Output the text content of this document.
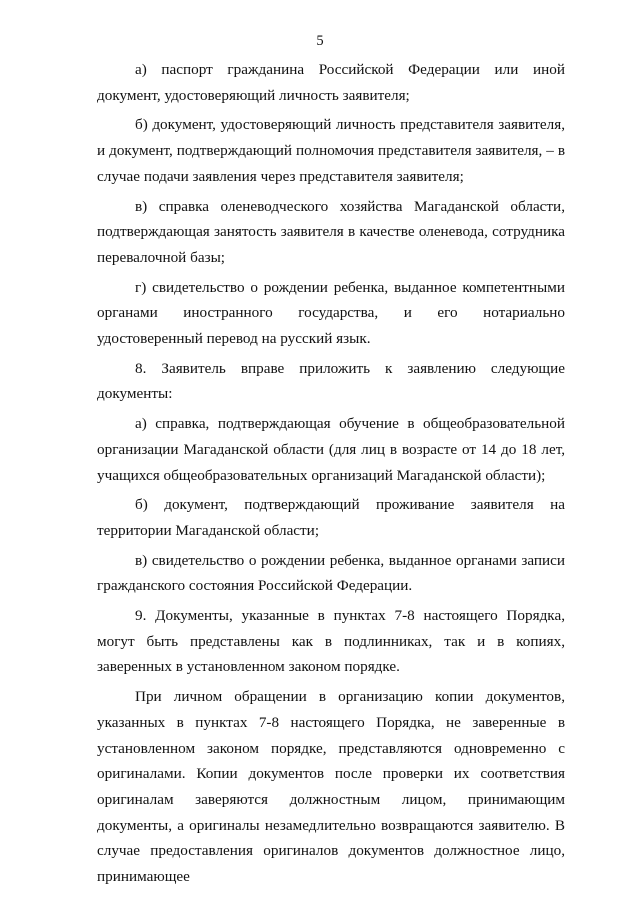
5

а) паспорт гражданина Российской Федерации или иной документ, удостоверяющий личность заявителя;

б) документ, удостоверяющий личность представителя заявителя, и документ, подтверждающий полномочия представителя заявителя, – в случае подачи заявления через представителя заявителя;

в) справка оленеводческого хозяйства Магаданской области, подтверждающая занятость заявителя в качестве оленевода, сотрудника перевалочной базы;

г) свидетельство о рождении ребенка, выданное компетентными органами иностранного государства, и его нотариально удостоверенный перевод на русский язык.

8. Заявитель вправе приложить к заявлению следующие документы:

а) справка, подтверждающая обучение в общеобразовательной организации Магаданской области (для лиц в возрасте от 14 до 18 лет, учащихся общеобразовательных организаций Магаданской области);

б) документ, подтверждающий проживание заявителя на территории Магаданской области;

в) свидетельство о рождении ребенка, выданное органами записи гражданского состояния Российской Федерации.

9. Документы, указанные в пунктах 7-8 настоящего Порядка, могут быть представлены как в подлинниках, так и в копиях, заверенных в установленном законом порядке.

При личном обращении в организацию копии документов, указанных в пунктах 7-8 настоящего Порядка, не заверенные в установленном законом порядке, представляются одновременно с оригиналами. Копии документов после проверки их соответствия оригиналам заверяются должностным лицом, принимающим документы, а оригиналы незамедлительно возвращаются заявителю. В случае предоставления оригиналов документов должностное лицо, принимающее
